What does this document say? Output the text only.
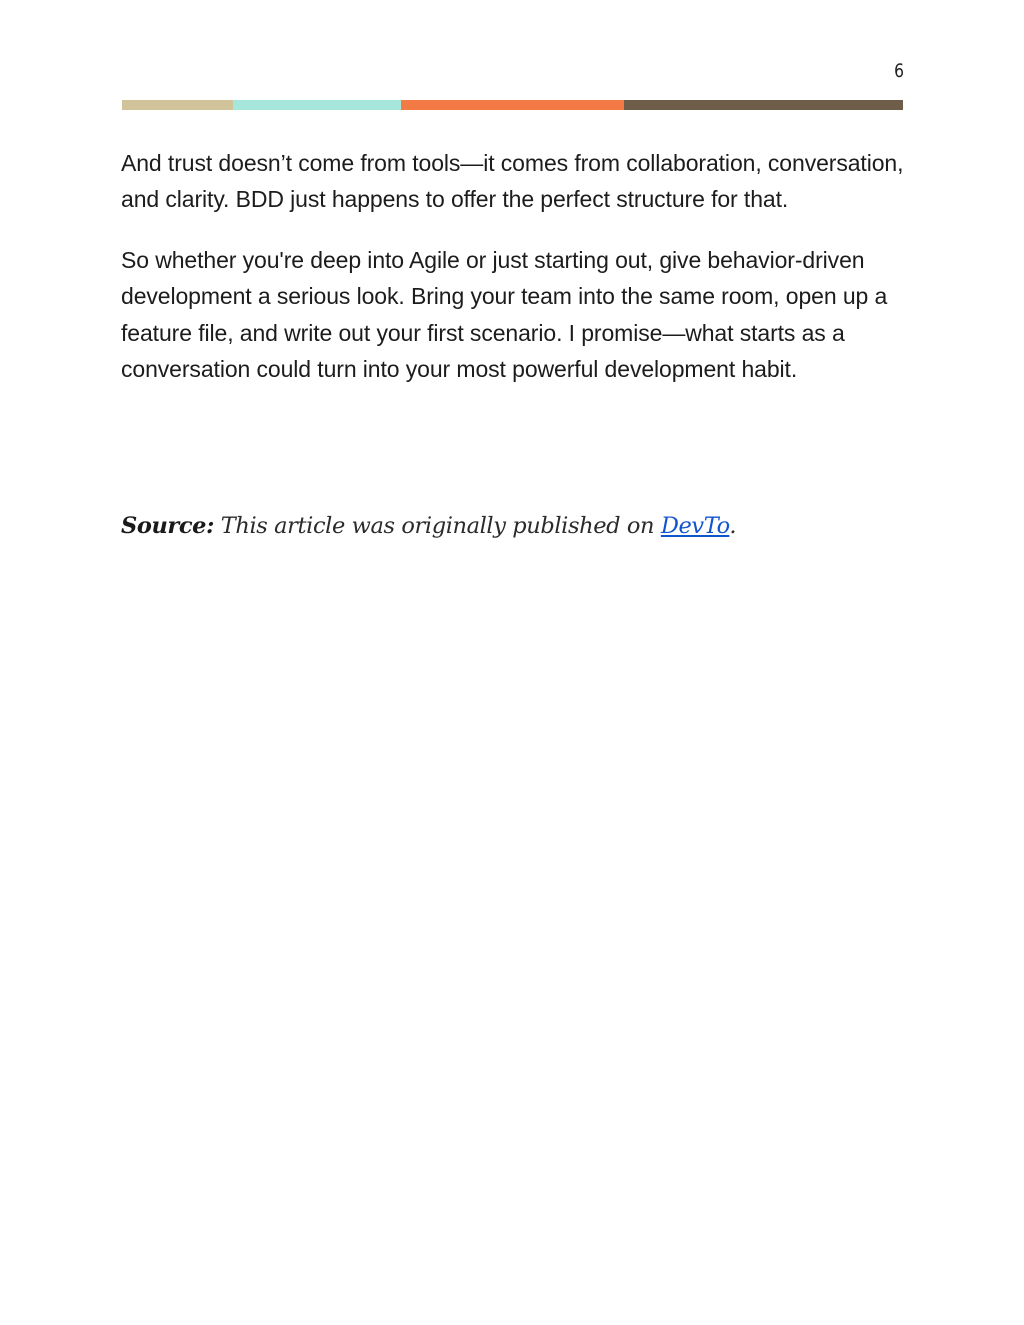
6

And trust doesn’t come from tools—it comes from collaboration, conversation, and clarity. BDD just happens to offer the perfect structure for that.

So whether you're deep into Agile or just starting out, give behavior-driven development a serious look. Bring your team into the same room, open up a feature file, and write out your first scenario. I promise—what starts as a conversation could turn into your most powerful development habit.

Source: This article was originally published on DevTo.
